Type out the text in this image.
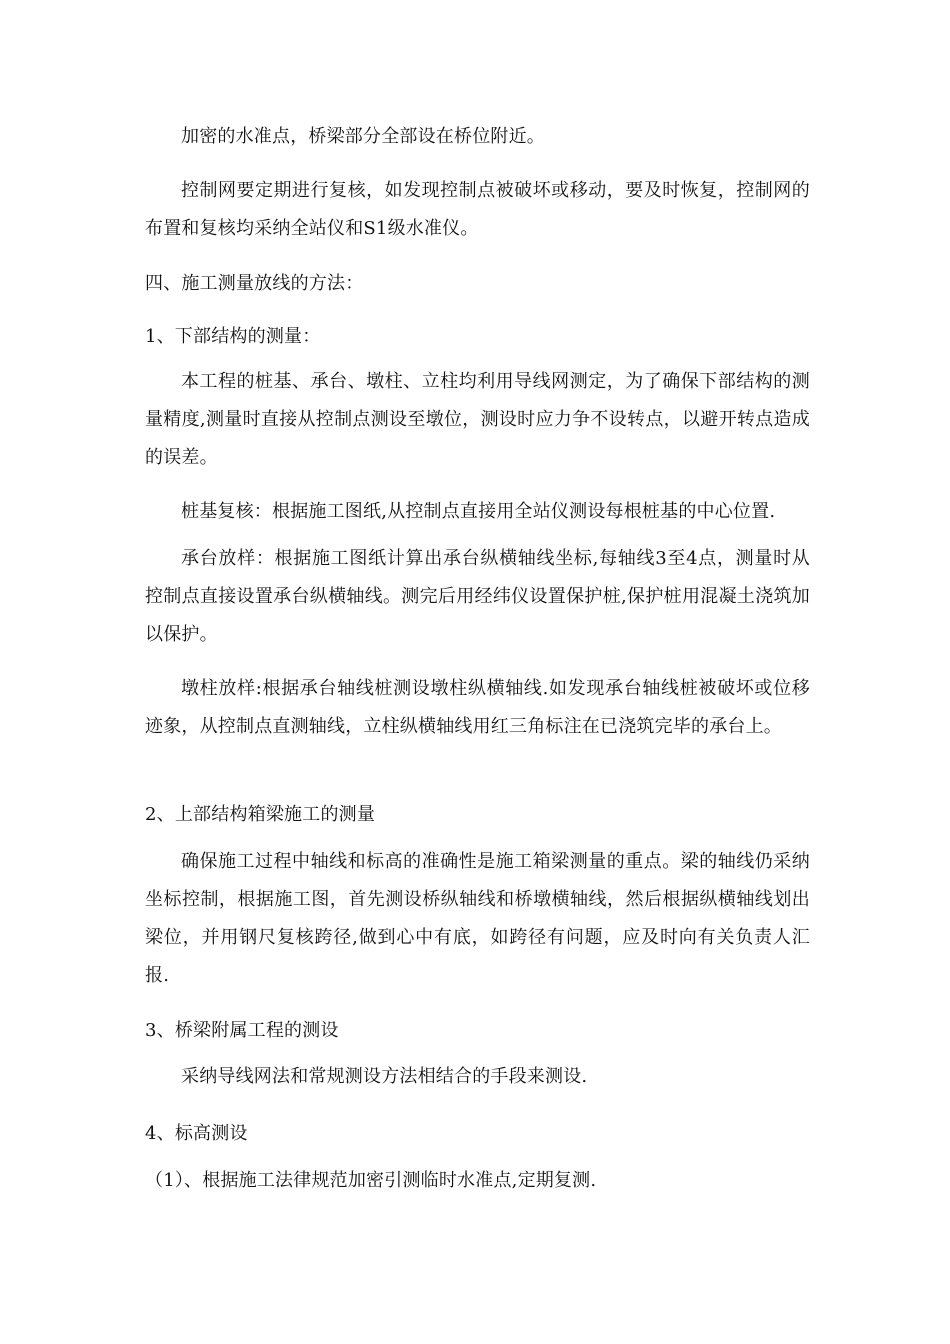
加密的水准点，桥梁部分全部设在桥位附近。

控制网要定期进行复核，如发现控制点被破坏或移动，要及时恢复，控制网的布置和复核均采纳全站仪和S1级水准仪。

四、施工测量放线的方法：

1、下部结构的测量：

本工程的桩基、承台、墩柱、立柱均利用导线网测定，为了确保下部结构的测量精度,测量时直接从控制点测设至墩位，测设时应力争不设转点，以避开转点造成的误差。

桩基复核：根据施工图纸,从控制点直接用全站仪测设每根桩基的中心位置.

承台放样：根据施工图纸计算出承台纵横轴线坐标,每轴线3至4点，测量时从控制点直接设置承台纵横轴线。测完后用经纬仪设置保护桩,保护桩用混凝土浇筑加以保护。

墩柱放样:根据承台轴线桩测设墩柱纵横轴线.如发现承台轴线桩被破坏或位移迹象，从控制点直测轴线，立柱纵横轴线用红三角标注在已浇筑完毕的承台上。

2、上部结构箱梁施工的测量

确保施工过程中轴线和标高的准确性是施工箱梁测量的重点。梁的轴线仍采纳坐标控制，根据施工图，首先测设桥纵轴线和桥墩横轴线，然后根据纵横轴线划出梁位，并用钢尺复核跨径,做到心中有底，如跨径有问题，应及时向有关负责人汇报.

3、桥梁附属工程的测设

采纳导线网法和常规测设方法相结合的手段来测设.

4、标高测设

（1）、根据施工法律规范加密引测临时水准点,定期复测.
